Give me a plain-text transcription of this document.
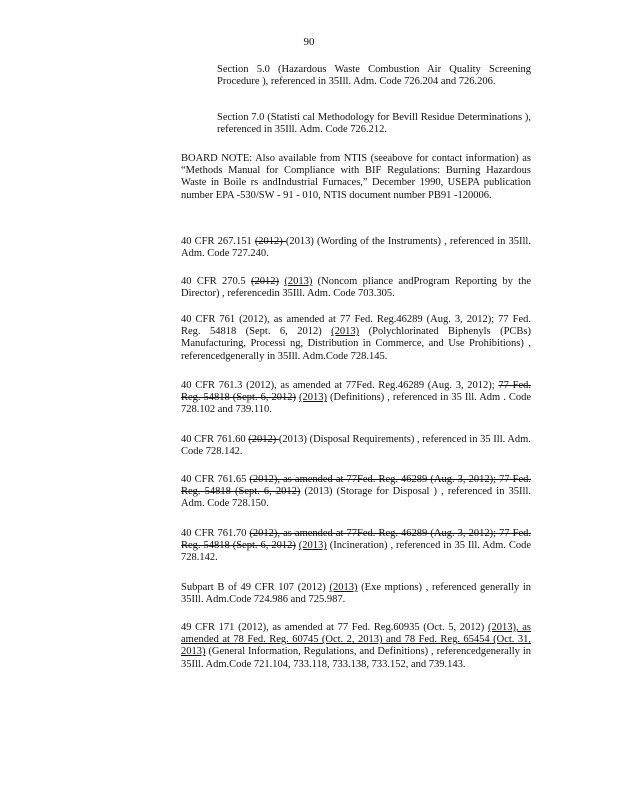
90

Section 5.0 (Hazardous Waste Combustion Air Quality Screening Procedure ), referenced in 35Ill. Adm. Code 726.204 and 726.206.

Section 7.0 (Statisti cal Methodology for Bevill Residue Determinations ), referenced in 35Ill. Adm. Code 726.212.

BOARD NOTE: Also available from NTIS (seeabove for contact information) as “Methods Manual for Compliance with BIF Regulations: Burning Hazardous Waste in Boile rs andIndustrial Furnaces,” December 1990, USEPA publication number EPA -530/SW - 91 - 010, NTIS document number PB91 -120006.

40 CFR 267.151 (2012) (2013) (Wording of the Instruments) , referenced in 35Ill. Adm. Code 727.240.

40 CFR 270.5 (2012) (2013) (Noncom pliance andProgram Reporting by the Director) , referencedin 35Ill. Adm. Code 703.305.

40 CFR 761 (2012), as amended at 77 Fed. Reg.46289 (Aug. 3, 2012); 77 Fed. Reg. 54818 (Sept. 6, 2012) (2013) (Polychlorinated Biphenyls (PCBs) Manufacturing, Processi ng, Distribution in Commerce, and Use Prohibitions) , referencedgenerally in 35Ill. Adm.Code 728.145.

40 CFR 761.3 (2012), as amended at 77Fed. Reg.46289 (Aug. 3, 2012); 77 Fed. Reg. 54818 (Sept. 6, 2012) (2013) (Definitions) , referenced in 35 Ill. Adm . Code 728.102 and 739.110.

40 CFR 761.60 (2012) (2013) (Disposal Requirements) , referenced in 35 Ill. Adm. Code 728.142.

40 CFR 761.65 (2012), as amended at 77Fed. Reg. 46289 (Aug. 3, 2012); 77 Fed. Reg. 54818 (Sept. 6, 2012) (2013) (Storage for Disposal ) , referenced in 35Ill. Adm. Code 728.150.

40 CFR 761.70 (2012), as amended at 77Fed. Reg. 46289 (Aug. 3, 2012); 77 Fed. Reg. 54818 (Sept. 6, 2012) (2013) (Incineration) , referenced in 35 Ill. Adm. Code 728.142.

Subpart B of 49 CFR 107 (2012) (2013) (Exe mptions) , referenced generally in 35Ill. Adm.Code 724.986 and 725.987.

49 CFR 171 (2012), as amended at 77 Fed. Reg.60935 (Oct. 5, 2012) (2013), as amended at 78 Fed. Reg. 60745 (Oct. 2, 2013) and 78 Fed. Reg. 65454 (Oct. 31, 2013) (General Information, Regulations, and Definitions) , referencedgenerally in 35Ill. Adm.Code 721.104, 733.118, 733.138, 733.152, and 739.143.
